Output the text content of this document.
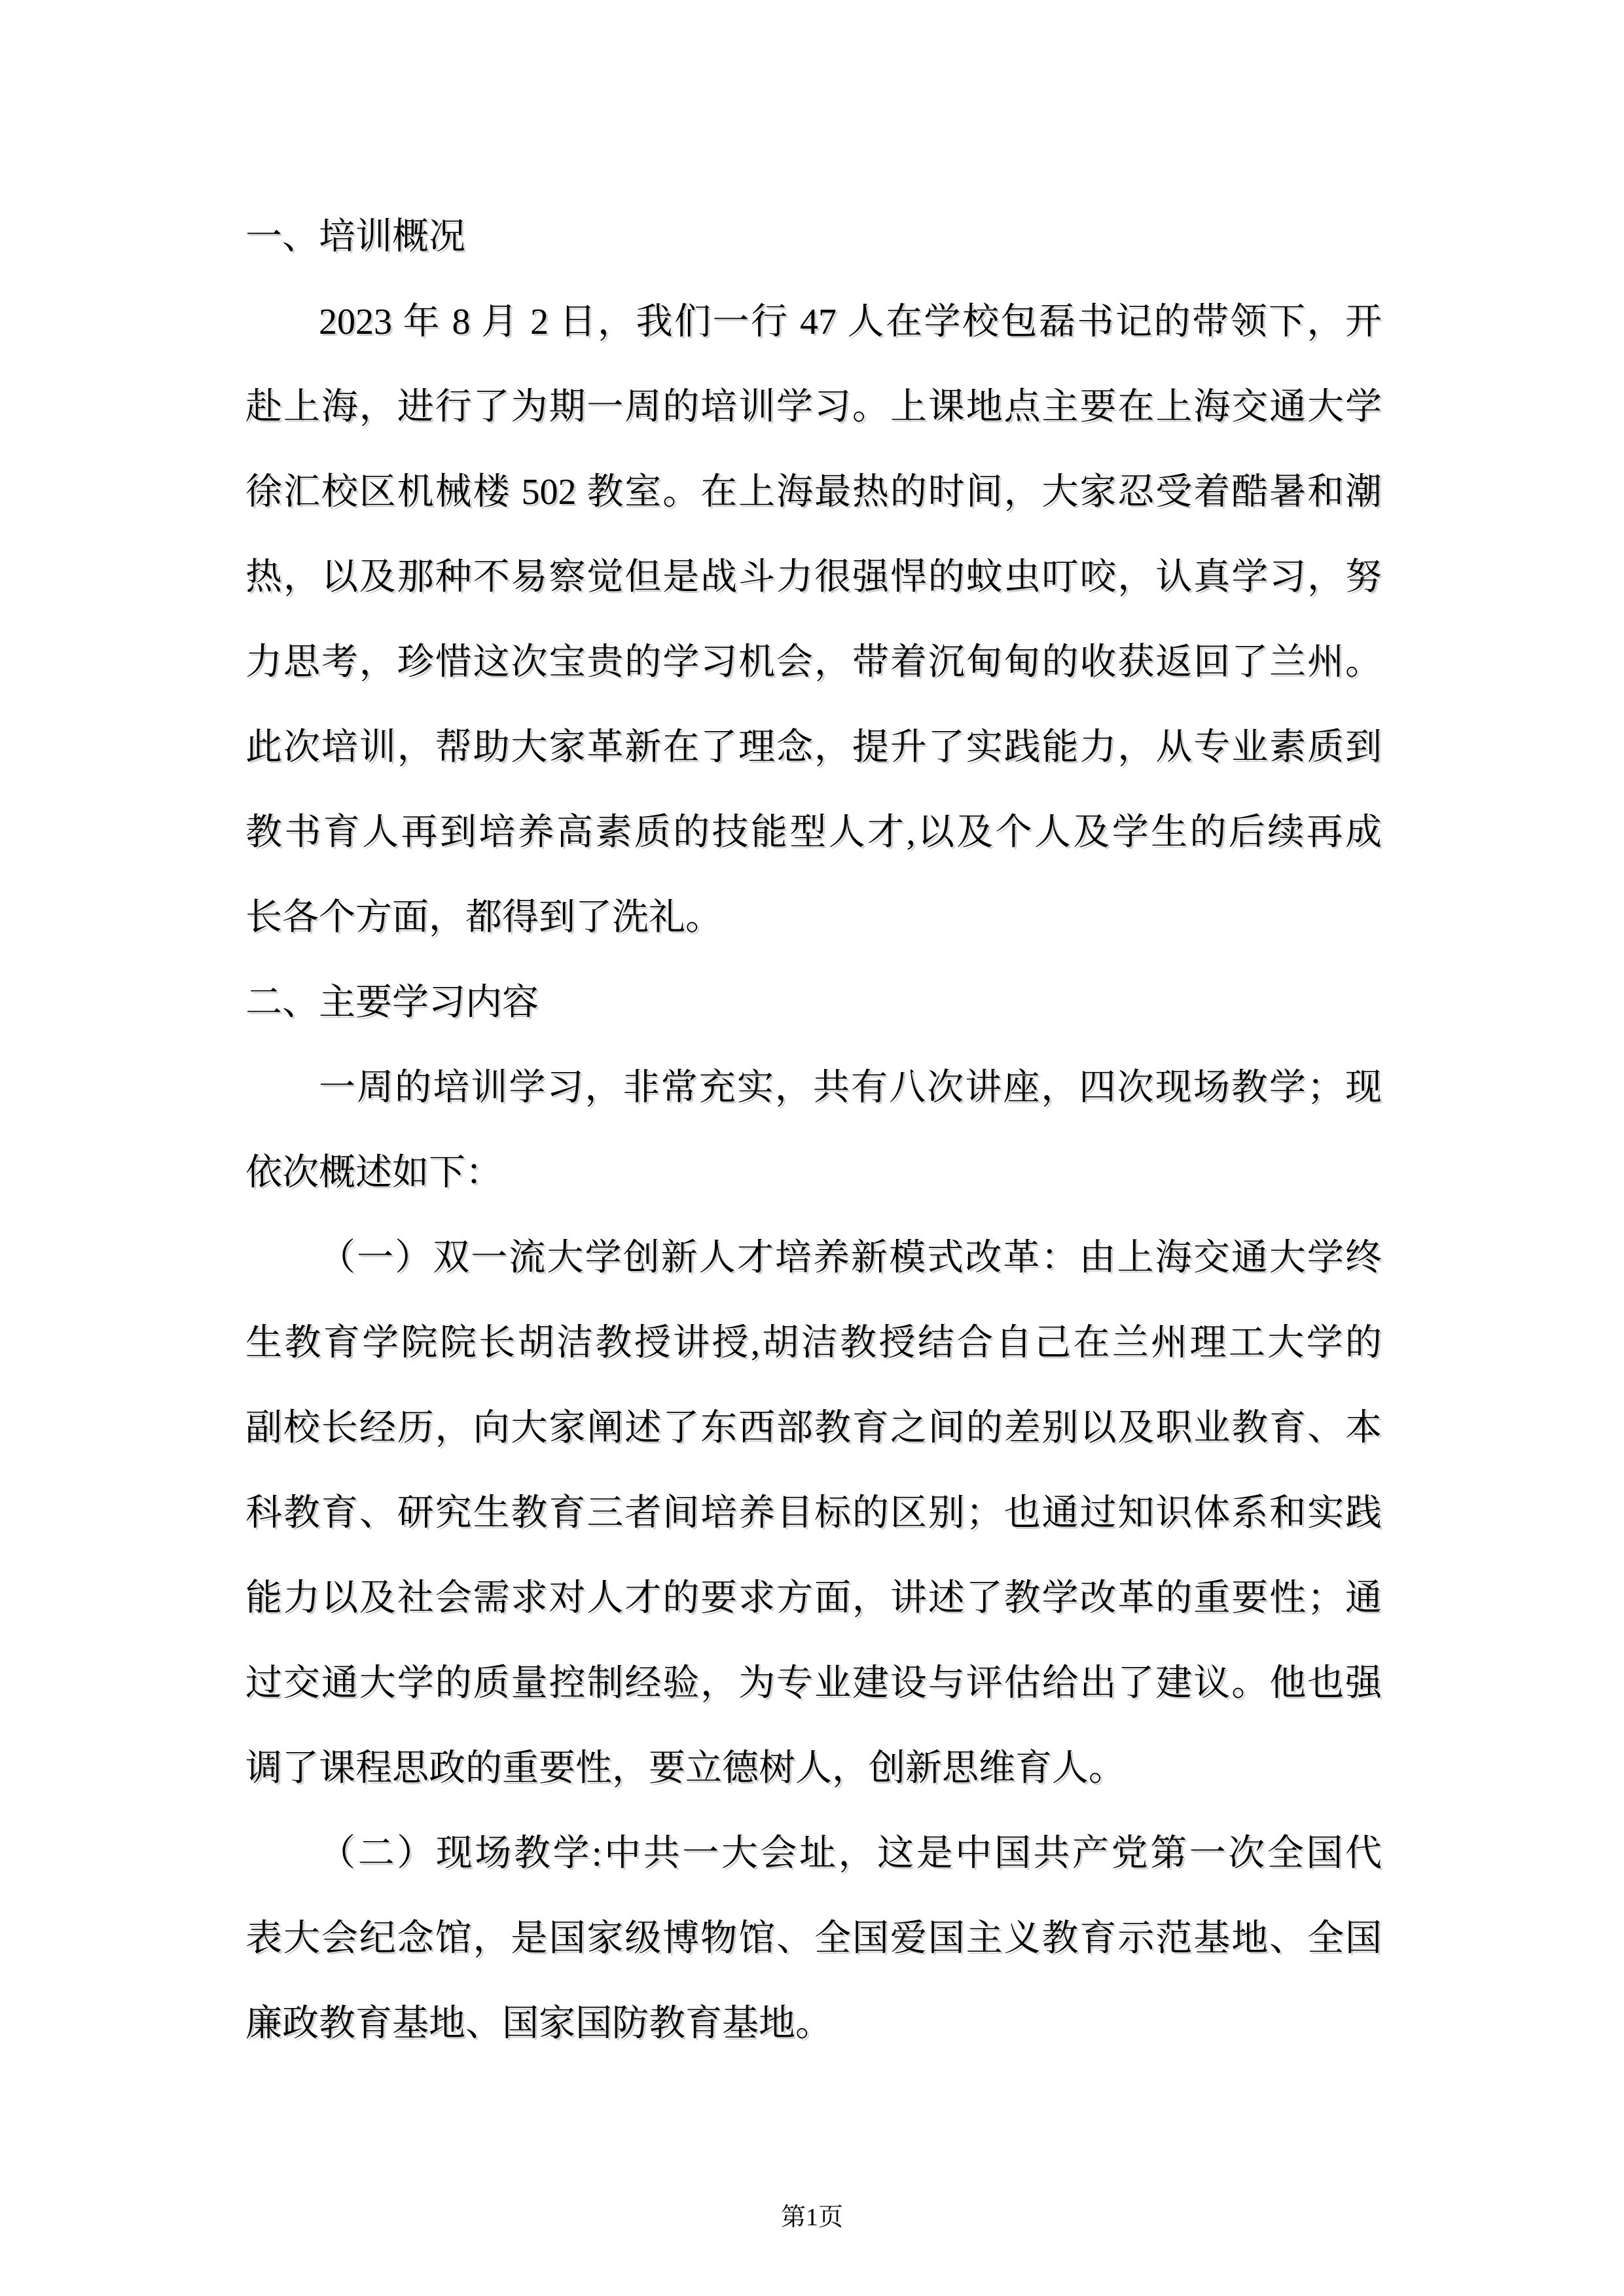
一、培训概况
2023 年 8 月 2 日，我们一行 47 人在学校包磊书记的带领下，开
赴上海，进行了为期一周的培训学习。上课地点主要在上海交通大学
徐汇校区机械楼 502 教室。在上海最热的时间，大家忍受着酷暑和潮
热，以及那种不易察觉但是战斗力很强悍的蚊虫叮咬，认真学习，努
力思考，珍惜这次宝贵的学习机会，带着沉甸甸的收获返回了兰州。
此次培训，帮助大家革新在了理念，提升了实践能力，从专业素质到
教书育人再到培养高素质的技能型人才,以及个人及学生的后续再成
长各个方面，都得到了洗礼。
二、主要学习内容
一周的培训学习，非常充实，共有八次讲座，四次现场教学；现
依次概述如下：
（一）双一流大学创新人才培养新模式改革：由上海交通大学终
生教育学院院长胡洁教授讲授,胡洁教授结合自己在兰州理工大学的
副校长经历，向大家阐述了东西部教育之间的差别以及职业教育、本
科教育、研究生教育三者间培养目标的区别；也通过知识体系和实践
能力以及社会需求对人才的要求方面，讲述了教学改革的重要性；通
过交通大学的质量控制经验，为专业建设与评估给出了建议。他也强
调了课程思政的重要性，要立德树人，创新思维育人。
（二）现场教学:中共一大会址，这是中国共产党第一次全国代
表大会纪念馆，是国家级博物馆、全国爱国主义教育示范基地、全国
廉政教育基地、国家国防教育基地。
第1页
